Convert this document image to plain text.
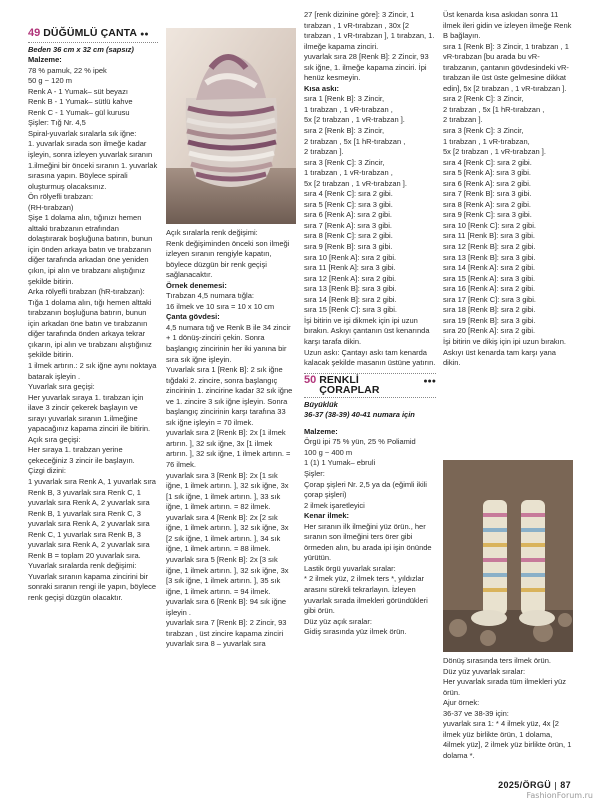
49 DÜĞÜMLÜ ÇANTA ●●

Beden 36 cm x 32 cm (sapsız)

Malzeme:

78 % pamuk, 22 % ipek

50 g ~ 120 m

Renk A - 1 Yumak– süt beyazı

Renk B - 1 Yumak– sütlü kahve

Renk C - 1 Yumak– gül kurusu

Şişler: Tığ Nr. 4,5

Spiral-yuvarlak sıralarla sık iğne:

1. yuvarlak sırada son ilmeğe kadar işleyin, sonra izleyen yuvarlak sıranın 1.ilmeğini bir önceki sıranın 1. yuvarlak sırasına yapın. Böylece spirali oluşturmuş olacaksınız.

Ön rölyefli tırabzan:

(RH-tırabzan)

Şişe 1 dolama alın, tığınızı hemen alttaki tırabzanın etrafından dolaştırarak boşluğuna batırın, bunun için önden arkaya batın ve tırabzanın diğer tarafında arkadan öne yeniden çıkın, ipi alın ve tırabzanı alıştığınız şekilde bitirin.

Arka rölyefli tırabzan (hR-tırabzan): Tığa 1 dolama alın, tığı hemen alttaki tırabzanın boşluğuna batırın, bunun için arkadan öne batın ve tırabzanın diğer tarafında önden arkaya tekrar çıkarın, ipi alın ve tırabzanı alıştığınız şekilde bitirin.

1 ilmek artırın.: 2 sık iğne aynı noktaya batarak işleyin .

Yuvarlak sıra geçişi:

Her yuvarlak sıraya 1. tırabzan için ilave 3 zincir çekerek başlayın ve sırayı yuvarlak sıranın 1.ilmeğine yapacağınız kapama zinciri ile bitirin.

Açık sıra geçişi:

Her sıraya 1. tırabzan yerine çekeceğiniz 3 zincir ile başlayın.

Çizgi dizini:

1 yuvarlak sıra Renk A, 1 yuvarlak sıra Renk B, 3 yuvarlak sıra Renk C, 1 yuvarlak sıra Renk A, 2 yuvarlak sıra Renk B, 1 yuvarlak sıra Renk C, 3 yuvarlak sıra Renk A, 2 yuvarlak sıra Renk C, 1 yuvarlak sıra Renk B, 3 yuvarlak sıra Renk A, 2 yuvarlak sıra Renk B = toplam 20 yuvarlak sıra.

Yuvarlak sıralarda renk değişimi:

Yuvarlak sıranın kapama zincirini bir sonraki sıranın rengi ile yapın, böylece renk geçişi düzgün olacaktır.

Açık sıralarla renk değişimi:

Renk değişiminden önceki son ilmeği izleyen sıranın rengiyle kapatın, böylece düzgün bir renk geçişi sağlanacaktır.

Örnek denemesi:

Tırabzan 4,5 numara tığla:

16 ilmek ve 10 sıra = 10 x 10 cm

Çanta gövdesi:

4,5 numara tığ ve Renk B ile 34 zincir + 1 dönüş-zinciri çekin. Sonra başlangıç zincirinin her iki yanına bir sıra sık iğne işleyin.

Yuvarlak sıra 1 [Renk B]: 2 sık iğne tığdaki 2. zincire, sonra başlangıç zincirinin 1. zincirine kadar 32 sık iğne ve 1. zincire 3 sık iğne işleyin. Sonra başlangıç zincirinin karşı tarafına 33 sık iğne işleyin = 70 ilmek.

yuvarlak sıra 2 [Renk B]: 2x [1 ilmek artırın. ], 32 sık iğne, 3x [1 ilmek artırın. ], 32 sık iğne, 1 ilmek artırın. = 76 ilmek.

yuvarlak sıra 3 [Renk B]: 2x [1 sık iğne, 1 ilmek artırın. ], 32 sık iğne, 3x [1 sık iğne, 1 ilmek artırın. ], 33 sık iğne, 1 ilmek artırın. = 82 ilmek.

yuvarlak sıra 4 [Renk B]: 2x [2 sık iğne, 1 ilmek artırın. ], 32 sık iğne, 3x [2 sık iğne, 1 ilmek artırın. ], 34 sık iğne, 1 ilmek artırın. = 88 ilmek.

yuvarlak sıra 5 [Renk B]: 2x [3 sık iğne, 1 ilmek artırın. ], 32 sık iğne, 3x [3 sık iğne, 1 ilmek artırın. ], 35 sık iğne, 1 ilmek artırın. = 94 ilmek.

yuvarlak sıra 6 [Renk B]: 94 sık iğne işleyin .

yuvarlak sıra 7 [Renk B]: 2 Zincir, 93 tırabzan , üst zincire kapama zinciri

yuvarlak sıra 8 – yuvarlak sıra

27 [renk dizinine göre]: 3 Zincir, 1 tırabzan , 1 vR-tırabzan , 30x [2 tırabzan , 1 vR-tırabzan ], 1 tırabzan, 1. ilmeğe kapama zinciri.

yuvarlak sıra 28 [Renk B]: 2 Zincir, 93 sık iğne, 1. ilmeğe kapama zinciri. İpi henüz kesmeyin.

Kısa askı:

sıra 1 [Renk B]: 3 Zincir,

1 tırabzan , 1 vR-tırabzan ,

5x [2 tırabzan , 1 vR-trabzan ].

sıra 2 [Renk B]: 3 Zincir,

2 tırabzan , 5x [1 hR-tırabzan ,

2 tırabzan ].

sıra 3 [Renk C]: 3 Zincir,

1 tırabzan , 1 vR-tırabzan ,

5x [2 tırabzan , 1 vR-tırabzan ].

sıra 4 [Renk C]: sıra 2 gibi.

sıra 5 [Renk C]: sıra 3 gibi.

sıra 6 [Renk A]: sıra 2 gibi.

sıra 7 [Renk A]: sıra 3 gibi.

sıra 8 [Renk C]: sıra 2 gibi.

sıra 9 [Renk B]: sıra 3 gibi.

sıra 10 [Renk A]: sıra 2 gibi.

sıra 11 [Renk A]: sıra 3 gibi.

sıra 12 [Renk A]: sıra 2 gibi.

sıra 13 [Renk B]: sıra 3 gibi.

sıra 14 [Renk B]: sıra 2 gibi.

sıra 15 [Renk C]: sıra 3 gibi.

İşi bitirin ve işi dikmek için ipi uzun bırakın. Askıyı çantanın üst kenarında karşı tarafa dikin.

Uzun askı: Çantayı askı tam kenarda kalacak şekilde masanın üstüne yatırın.

50 RENKLİ ÇORAPLAR
●●●

Büyüklük

36-37 (38-39) 40-41 numara için

Malzeme:

Örgü ipi 75 % yün, 25 % Poliamid

100 g ~ 400 m

1 (1) 1 Yumak– ebruli

Şişler:

Çorap şişleri Nr. 2,5 ya da (eğimli ikili çorap şişleri)

2 ilmek işaretleyici

Kenar ilmek:

Her sıranın ilk ilmeğini yüz örün., her sıranın son ilmeğini ters örer gibi örmeden alın, bu arada ipi işin önünde yürütün.

Lastik örgü yuvarlak sıralar:

* 2 ilmek yüz, 2 ilmek ters *, yıldızlar arasını sürekli tekrarlayın. İzleyen yuvarlak sırada ilmekleri göründükleri gibi örün.

Düz yüz açık sıralar:

Gidiş sırasında yüz ilmek örün.

Üst kenarda kısa askıdan sonra 11 ilmek ileri gidin ve izleyen ilmeğe Renk B bağlayın.

sıra 1 [Renk B]: 3 Zincir, 1 tırabzan , 1 vR-tırabzan [bu arada bu vR-tırabzanın, çantanın gövdesindeki vR-tırabzan ile üst üste gelmesine dikkat edin], 5x [2 tırabzan , 1 vR-tırabzan ].

sıra 2 [Renk C]: 3 Zincir,

2 tırabzan , 5x [1 hR-tırabzan ,

2 tırabzan ].

sıra 3 [Renk C]: 3 Zincir,

1 tırabzan , 1 vR-tırabzan,

5x [2 tırabzan , 1 vR-tırabzan ].

sıra 4 [Renk C]: sıra 2 gibi.

sıra 5 [Renk A]: sıra 3 gibi.

sıra 6 [Renk A]: sıra 2 gibi.

sıra 7 [Renk B]: sıra 3 gibi.

sıra 8 [Renk A]: sıra 2 gibi.

sıra 9 [Renk C]: sıra 3 gibi.

sıra 10 [Renk C]: sıra 2 gibi.

sıra 11 [Renk B]: sıra 3 gibi.

sıra 12 [Renk B]: sıra 2 gibi.

sıra 13 [Renk B]: sıra 3 gibi.

sıra 14 [Renk A]: sıra 2 gibi.

sıra 15 [Renk A]: sıra 3 gibi.

sıra 16 [Renk A]: sıra 2 gibi.

sıra 17 [Renk C]: sıra 3 gibi.

sıra 18 [Renk B]: sıra 2 gibi.

sıra 19 [Renk B]: sıra 3 gibi.

sıra 20 [Renk A]: sıra 2 gibi.

İşi bitirin ve dikiş için ipi uzun bırakın. Askıyı üst kenarda tam karşı yana dikin.

Dönüş sırasında ters ilmek örün.

Düz yüz yuvarlak sıralar:

Her yuvarlak sırada tüm ilmekleri yüz örün.

Ajur örnek:

36-37 ve 38-39 için:

yuvarlak sıra 1: * 4 ilmek yüz, 4x [2 ilmek yüz birlikte örün, 1 dolama, 4ilmek yüz], 2 ilmek yüz birlikte örün, 1 dolama *.

2025/ÖRGÜ 87
FashionForum.ru
